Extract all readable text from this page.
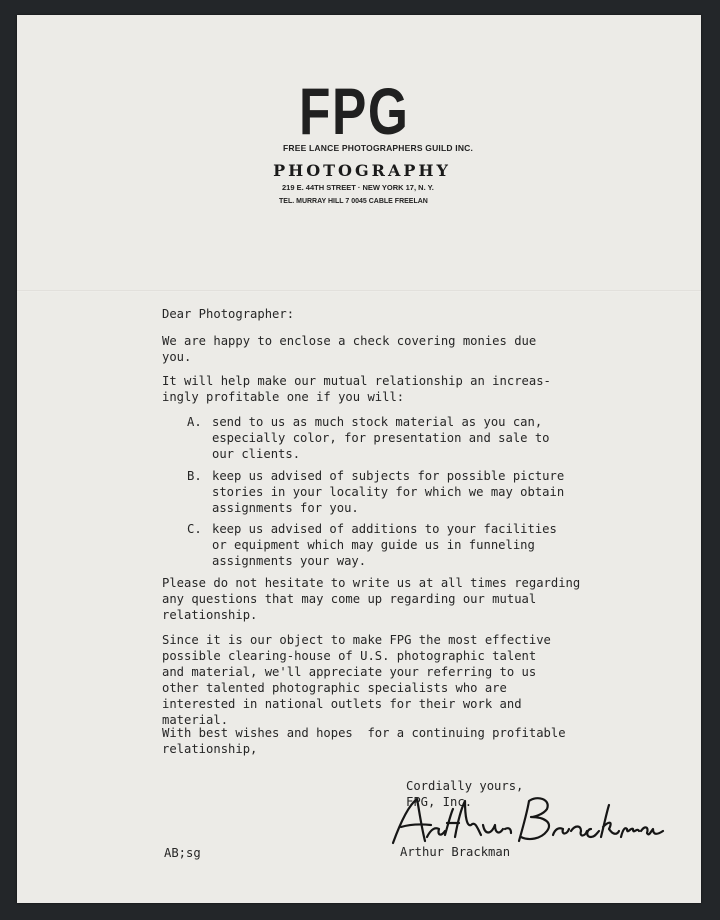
FPG
FREE LANCE PHOTOGRAPHERS GUILD INC.
PHOTOGRAPHY
219 E. 44TH STREET · NEW YORK 17, N. Y.
TEL. MURRAY HILL 7 0045 CABLE FREELAN
Dear Photographer:
We are happy to enclose a check covering monies due
you.
It will help make our mutual relationship an increas-
ingly profitable one if you will:
A. send to us as much stock material as you can,
especially color, for presentation and sale to
our clients.
B. keep us advised of subjects for possible picture
stories in your locality for which we may obtain
assignments for you.
C. keep us advised of additions to your facilities
or equipment which may guide us in funneling
assignments your way.
Please do not hesitate to write us at all times regarding
any questions that may come up regarding our mutual
relationship.
Since it is our object to make FPG the most effective
possible clearing-house of U.S. photographic talent
and material, we'll appreciate your referring to us
other talented photographic specialists who are
interested in national outlets for their work and
material.
With best wishes and hopes  for a continuing profitable
relationship,
Cordially yours,
FPG, Inc.
Arthur Brackman
AB;sg
